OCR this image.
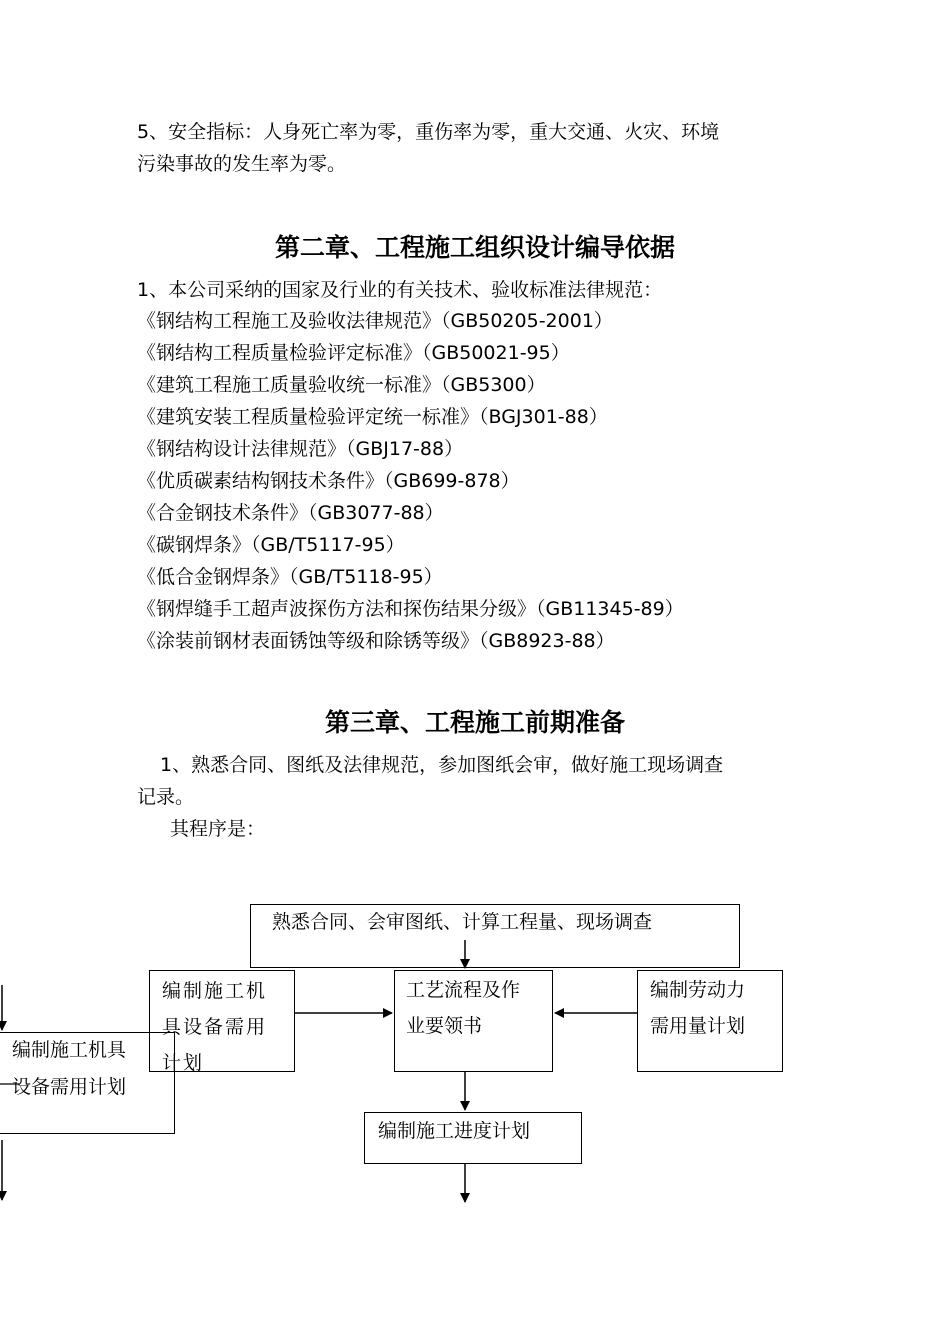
5、安全指标：人身死亡率为零，重伤率为零，重大交通、火灾、环境
污染事故的发生率为零。
第二章、工程施工组织设计编导依据
1、本公司采纳的国家及行业的有关技术、验收标准法律规范：
《钢结构工程施工及验收法律规范》（GB50205-2001）
《钢结构工程质量检验评定标准》（GB50021-95）
《建筑工程施工质量验收统一标准》（GB5300）
《建筑安装工程质量检验评定统一标准》（BGJ301-88）
《钢结构设计法律规范》（GBJ17-88）
《优质碳素结构钢技术条件》（GB699-878）
《合金钢技术条件》（GB3077-88）
《碳钢焊条》（GB/T5117-95）
《低合金钢焊条》（GB/T5118-95）
《钢焊缝手工超声波探伤方法和探伤结果分级》（GB11345-89）
《涂装前钢材表面锈蚀等级和除锈等级》（GB8923-88）
第三章、工程施工前期准备
1、熟悉合同、图纸及法律规范，参加图纸会审，做好施工现场调查
记录。
其程序是：
熟悉合同、会审图纸、计算工程量、现场调查
编制施工机具
设备需用计划
编制施工机
具设备需用
计划
工艺流程及作
业要领书
编制劳动力
需用量计划
编制施工进度计划
